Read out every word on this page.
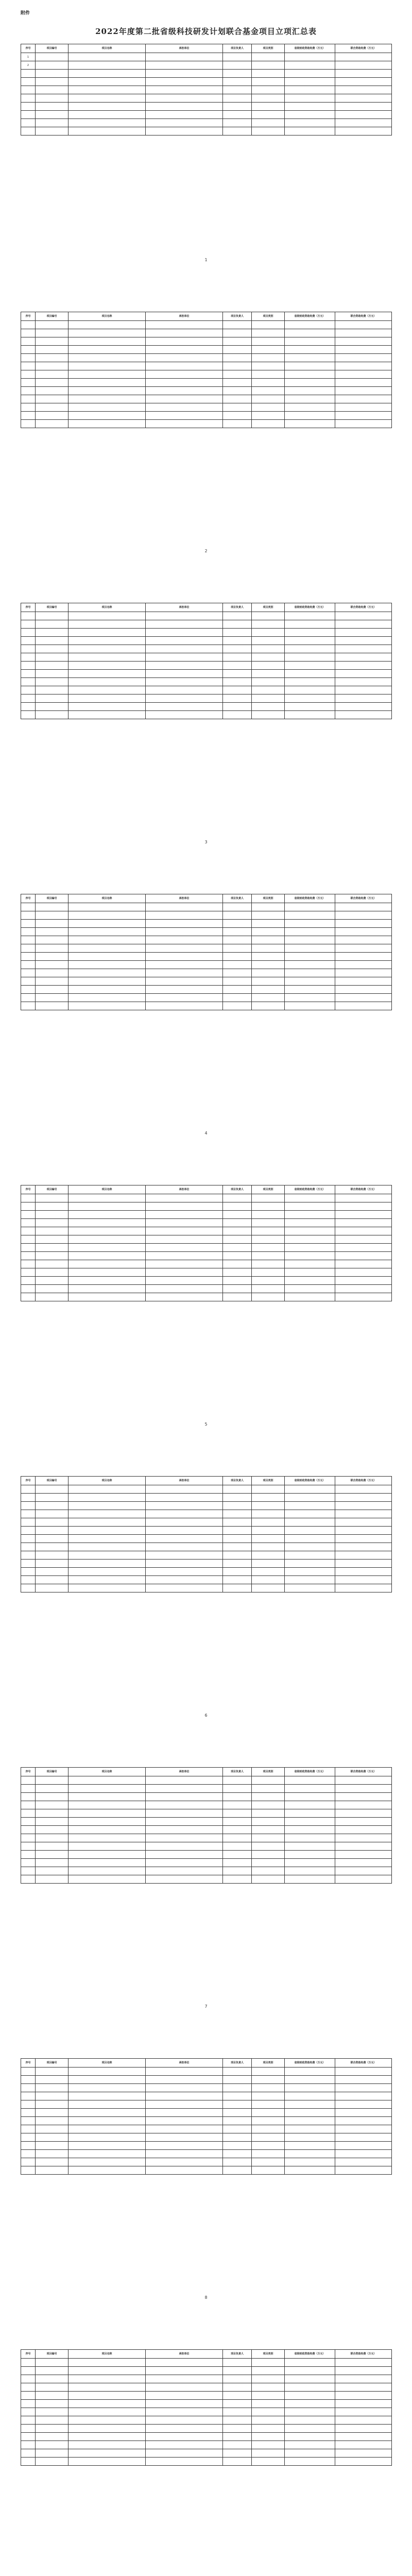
附件
2022年度第二批省级科技研发计划联合基金项目立项汇总表
序号	项目编号	项目名称	承担单位	项目负责人	项目类别	省级财政资助经费（万元）	联合资助经费（万元）
1							
2							

1
序号	项目编号	项目名称	承担单位	项目负责人	项目类别	省级财政资助经费（万元）	联合资助经费（万元）

2
序号	项目编号	项目名称	承担单位	项目负责人	项目类别	省级财政资助经费（万元）	联合资助经费（万元）

3
序号	项目编号	项目名称	承担单位	项目负责人	项目类别	省级财政资助经费（万元）	联合资助经费（万元）

4
序号	项目编号	项目名称	承担单位	项目负责人	项目类别	省级财政资助经费（万元）	联合资助经费（万元）

5
序号	项目编号	项目名称	承担单位	项目负责人	项目类别	省级财政资助经费（万元）	联合资助经费（万元）

6
序号	项目编号	项目名称	承担单位	项目负责人	项目类别	省级财政资助经费（万元）	联合资助经费（万元）

7
序号	项目编号	项目名称	承担单位	项目负责人	项目类别	省级财政资助经费（万元）	联合资助经费（万元）

8
序号	项目编号	项目名称	承担单位	项目负责人	项目类别	省级财政资助经费（万元）	联合资助经费（万元）
